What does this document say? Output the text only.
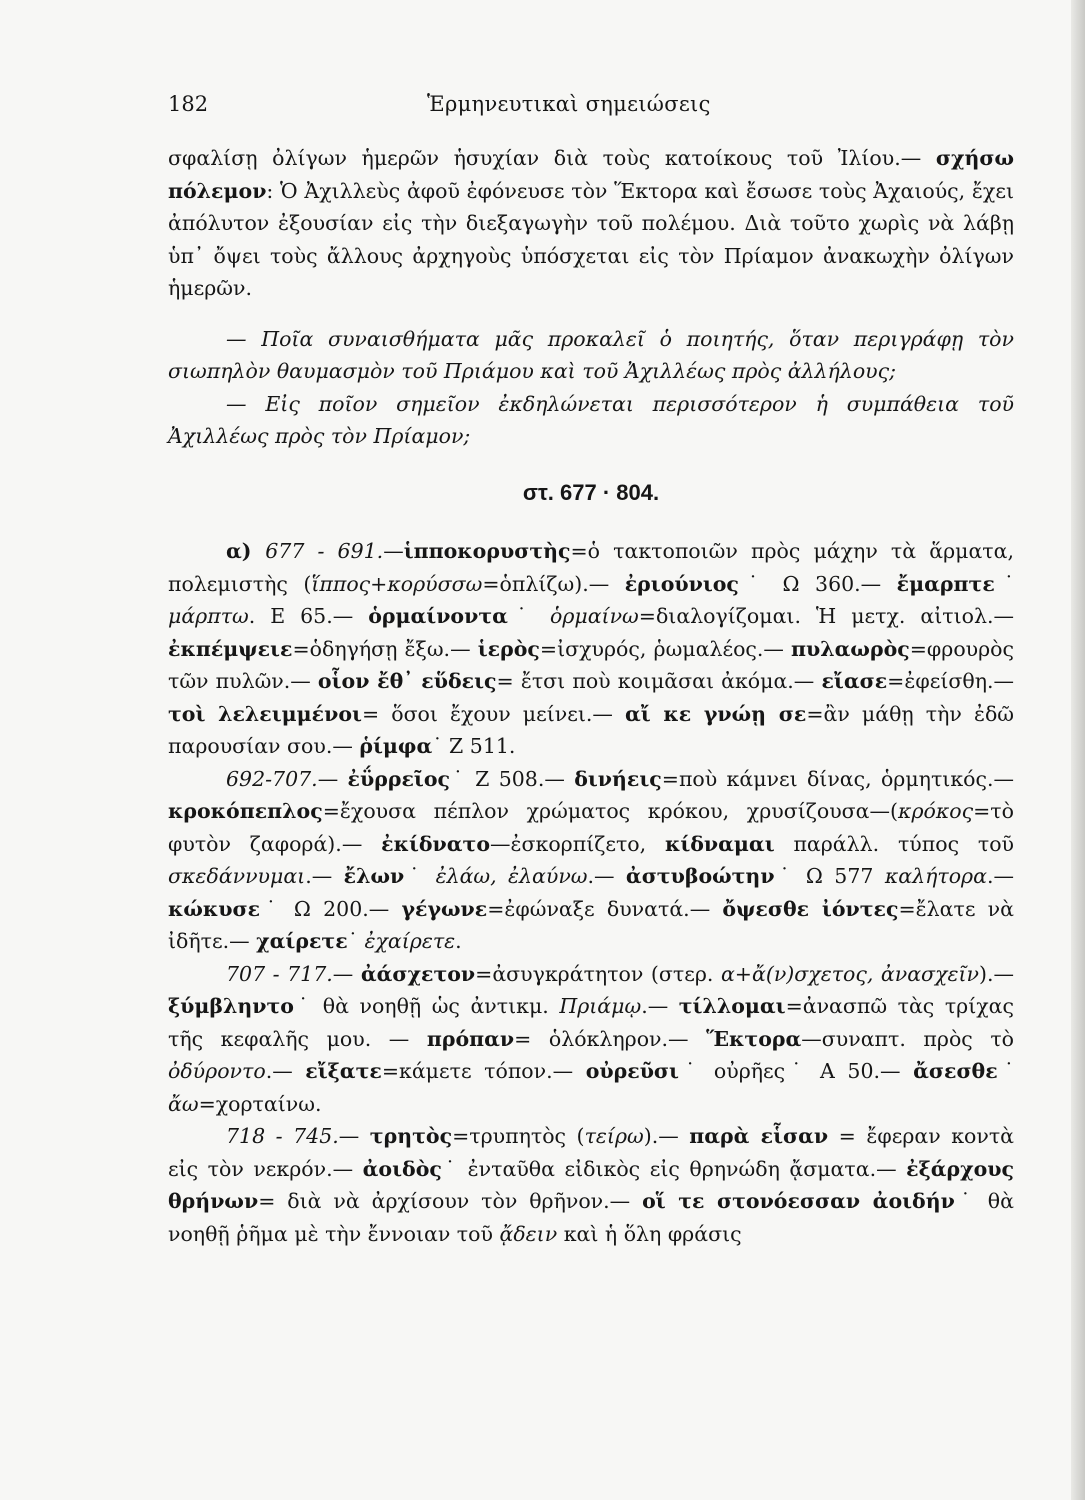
182	Ἑρμηνευτικαὶ σημειώσεις

σφαλίσῃ ὀλίγων ἡμερῶν ἡσυχίαν διὰ τοὺς κατοίκους τοῦ Ἰλίου.— σχήσω πόλεμον: Ὁ Ἀχιλλεὺς ἀφοῦ ἐφόνευσε τὸν Ἕκτορα καὶ ἔσωσε τοὺς Ἀχαιούς, ἔχει ἀπόλυτον ἐξουσίαν εἰς τὴν διεξαγωγὴν τοῦ πολέμου. Διὰ τοῦτο χωρὶς νὰ λάβῃ ὑπ᾿ ὄψει τοὺς ἄλλους ἀρχηγοὺς ὑπόσχεται εἰς τὸν Πρίαμον ἀνακωχὴν ὀλίγων ἡμερῶν.

— Ποῖα συναισθήματα μᾶς προκαλεῖ ὁ ποιητής, ὅταν περιγράφῃ τὸν σιωπηλὸν θαυμασμὸν τοῦ Πριάμου καὶ τοῦ Ἀχιλλέως πρὸς ἀλλήλους;

— Εἰς ποῖον σημεῖον ἐκδηλώνεται περισσότερον ἡ συμπάθεια τοῦ Ἀχιλλέως πρὸς τὸν Πρίαμον;

στ. 677 · 804.

α) 677 - 691.—ἱπποκορυστὴς=ὁ τακτοποιῶν πρὸς μάχην τὰ ἅρματα, πολεμιστὴς (ἵππος+κορύσσω=ὁπλίζω).— ἐριούνιος˙ Ω 360.— ἔμαρπτε˙ μάρπτω. Ε 65.— ὁρμαίνοντα˙ ὁρμαίνω=διαλογίζομαι. Ἡ μετχ. αἰτιολ.— ἐκπέμψειε=ὁδηγήσῃ ἔξω.— ἱερὸς=ἰσχυρός, ῥωμαλέος.— πυλαωρὸς=φρουρὸς τῶν πυλῶν.— οἷον ἔθ᾿ εὕδεις= ἔτσι ποὺ κοιμᾶσαι ἀκόμα.— εἴασε=ἐφείσθη.— τοὶ λελειμμένοι= ὅσοι ἔχουν μείνει.— αἴ κε γνώῃ σε=ἂν μάθῃ τὴν ἐδῶ παρουσίαν σου.— ῥίμφα˙ Ζ 511.

692-707.— ἐΰρρεῖος˙ Ζ 508.— δινήεις=ποὺ κάμνει δίνας, ὁρμητικός.— κροκόπεπλος=ἔχουσα πέπλον χρώματος κρόκου, χρυσίζουσα—(κρόκος=τὸ φυτὸν ζαφορά).— ἐκίδνατο—ἐσκορπίζετο, κίδναμαι παράλλ. τύπος τοῦ σκεδάννυμαι.— ἔλων˙ ἐλάω, ἐλαύνω.— ἀστυβοώτην˙ Ω 577 καλήτορα.— κώκυσε˙ Ω 200.— γέγωνε=ἐφώναξε δυνατά.— ὄψεσθε ἰόντες=ἔλατε νὰ ἰδῆτε.— χαίρετε˙ ἐχαίρετε.

707 - 717.— ἀάσχετον=ἀσυγκράτητον (στερ. α+ἄ(ν)σχετος, ἀνασχεῖν).— ξύμβληντο˙ θὰ νοηθῇ ὡς ἀντικμ. Πριάμῳ.— τίλλομαι=ἀνασπῶ τὰς τρίχας τῆς κεφαλῆς μου. — πρόπαν= ὁλόκληρον.— Ἕκτορα—συναπτ. πρὸς τὸ ὀδύροντο.— εἴξατε=κάμετε τόπον.— οὐρεῦσι˙ οὐρῆες˙ Α 50.— ἄσεσθε˙ ἄω=χορταίνω.

718 - 745.— τρητὸς=τρυπητὸς (τείρω).— παρὰ εἷσαν = ἔφεραν κοντὰ εἰς τὸν νεκρόν.— ἀοιδὸς˙ ἐνταῦθα εἰδικὸς εἰς θρηνώδη ᾄσματα.— ἐξάρχους θρήνων= διὰ νὰ ἀρχίσουν τὸν θρῆνον.— οἵ τε στονόεσσαν ἀοιδήν˙ θὰ νοηθῇ ῥῆμα μὲ τὴν ἔννοιαν τοῦ ᾄδειν καὶ ἡ ὅλη φράσις
